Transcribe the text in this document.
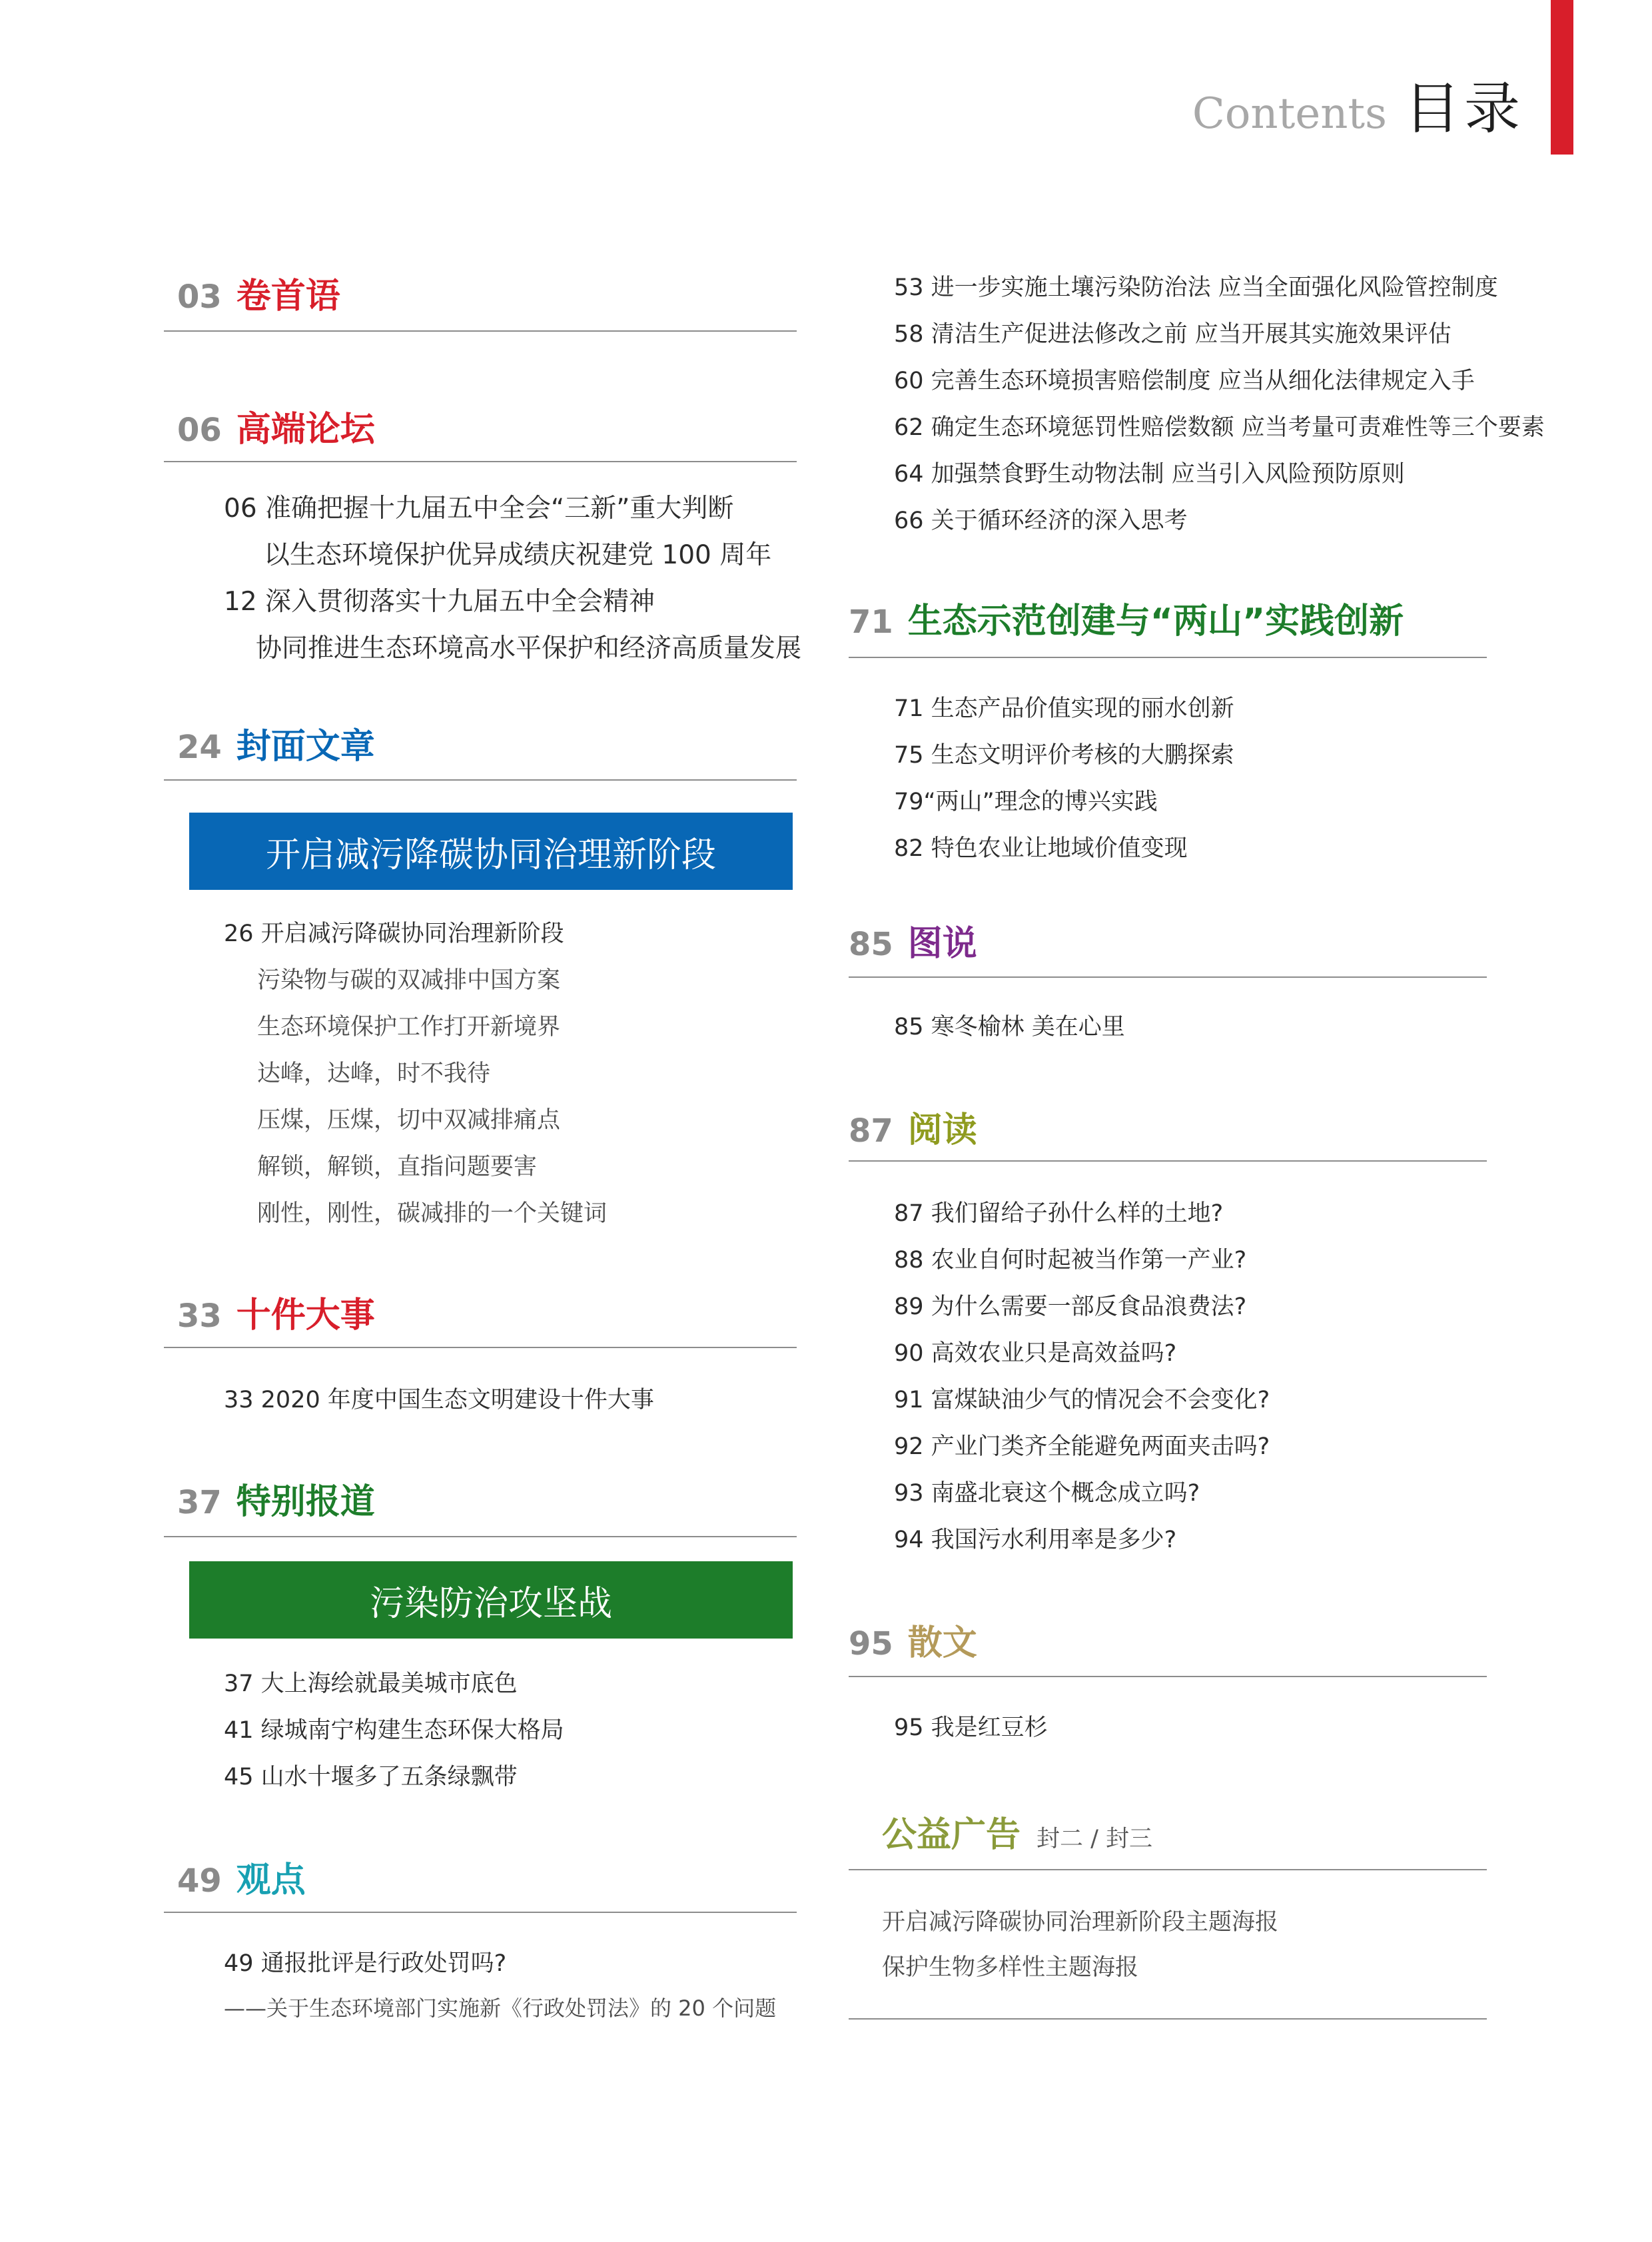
Contents 目录
03 卷首语
06 高端论坛
06 准确把握十九届五中全会“三新”重大判断
以生态环境保护优异成绩庆祝建党 100 周年
12 深入贯彻落实十九届五中全会精神
协同推进生态环境高水平保护和经济高质量发展
24 封面文章
开启减污降碳协同治理新阶段
26 开启减污降碳协同治理新阶段
污染物与碳的双减排中国方案
生态环境保护工作打开新境界
达峰，达峰，时不我待
压煤，压煤，切中双减排痛点
解锁，解锁，直指问题要害
刚性，刚性，碳减排的一个关键词
33 十件大事
33 2020 年度中国生态文明建设十件大事
37 特别报道
污染防治攻坚战
37 大上海绘就最美城市底色
41 绿城南宁构建生态环保大格局
45 山水十堰多了五条绿飘带
49 观点
49 通报批评是行政处罚吗?
——关于生态环境部门实施新《行政处罚法》的 20 个问题
53 进一步实施土壤污染防治法 应当全面强化风险管控制度
58 清洁生产促进法修改之前 应当开展其实施效果评估
60 完善生态环境损害赔偿制度 应当从细化法律规定入手
62 确定生态环境惩罚性赔偿数额 应当考量可责难性等三个要素
64 加强禁食野生动物法制 应当引入风险预防原则
66 关于循环经济的深入思考
71 生态示范创建与“两山”实践创新
71 生态产品价值实现的丽水创新
75 生态文明评价考核的大鹏探索
79“两山”理念的博兴实践
82 特色农业让地域价值变现
85 图说
85 寒冬榆林 美在心里
87 阅读
87 我们留给子孙什么样的土地?
88 农业自何时起被当作第一产业?
89 为什么需要一部反食品浪费法?
90 高效农业只是高效益吗?
91 富煤缺油少气的情况会不会变化?
92 产业门类齐全能避免两面夹击吗?
93 南盛北衰这个概念成立吗?
94 我国污水利用率是多少?
95 散文
95 我是红豆杉
公益广告 封二 / 封三
开启减污降碳协同治理新阶段主题海报
保护生物多样性主题海报
